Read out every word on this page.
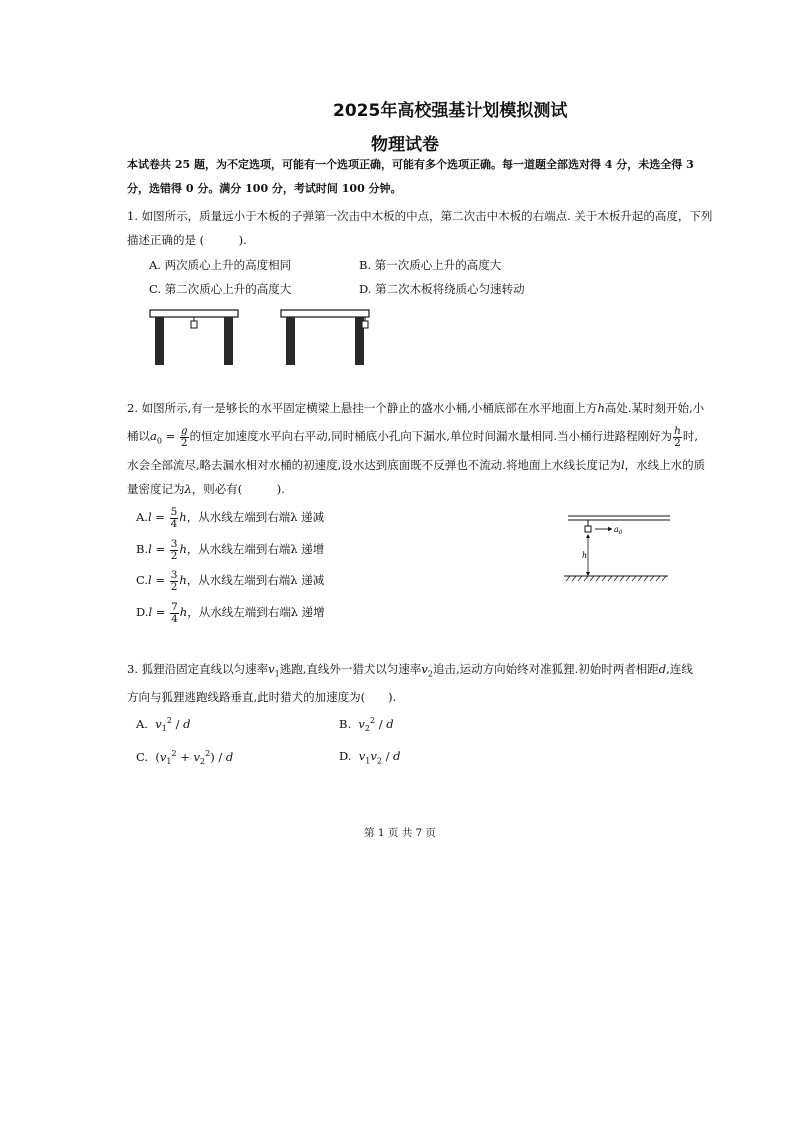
2025年高校强基计划模拟测试
物理试卷
本试卷共 25 题，为不定选项，可能有一个选项正确，可能有多个选项正确。每一道题全部选对得 4 分，未选全得 3
分，选错得 0 分。满分 100 分，考试时间 100 分钟。
1. 如图所示，质量远小于木板的子弹第一次击中木板的中点，第二次击中木板的右端点. 关于木板升起的高度，下列
描述正确的是 (　　　).
A. 两次质心上升的高度相同	B. 第一次质心上升的高度大
C. 第二次质心上升的高度大	D. 第二次木板将绕质心匀速转动
2. 如图所示,有一是够长的水平固定横梁上悬挂一个静止的盛水小桶,小桶底部在水平地面上方h高处.某时刻开始,小
桶以$a_0 = \frac{g}{2}$ 的恒定加速度水平向右平动,同时桶底小孔向下漏水,单位时间漏水量相同.当小桶行进路程刚好为 $\frac{h}{2}$ 时,
水会全部流尽,略去漏水相对水桶的初速度,设水达到底面既不反弹也不流动.将地面上水线长度记为l，水线上水的质
量密度记为λ，则必有(　　　).
$A.l = \frac{5}{4}$ h，从水线左端到右端λ 递减
$B.l = \frac{3}{2}$ h，从水线左端到右端λ 递增
$C.l = \frac{3}{2}$ h，从水线左端到右端λ 递减
$D.l = \frac{7}{4}$ h，从水线左端到右端λ 递增
$a_0$
h
3. 狐狸沿固定直线以匀速率$v_1$逃跑,直线外一猎犬以匀速率$v_2$追击,运动方向始终对准狐狸.初始时两者相距d,连线
方向与狐狸逃跑线路垂直,此时猎犬的加速度为(　　).
A. $v_1^2$ / d	B. $v_2^2$ / d
C.  $(v_1^2 + v_2^2) / d$	D. $v_1v_2$ / d
第 1 页 共 7 页
